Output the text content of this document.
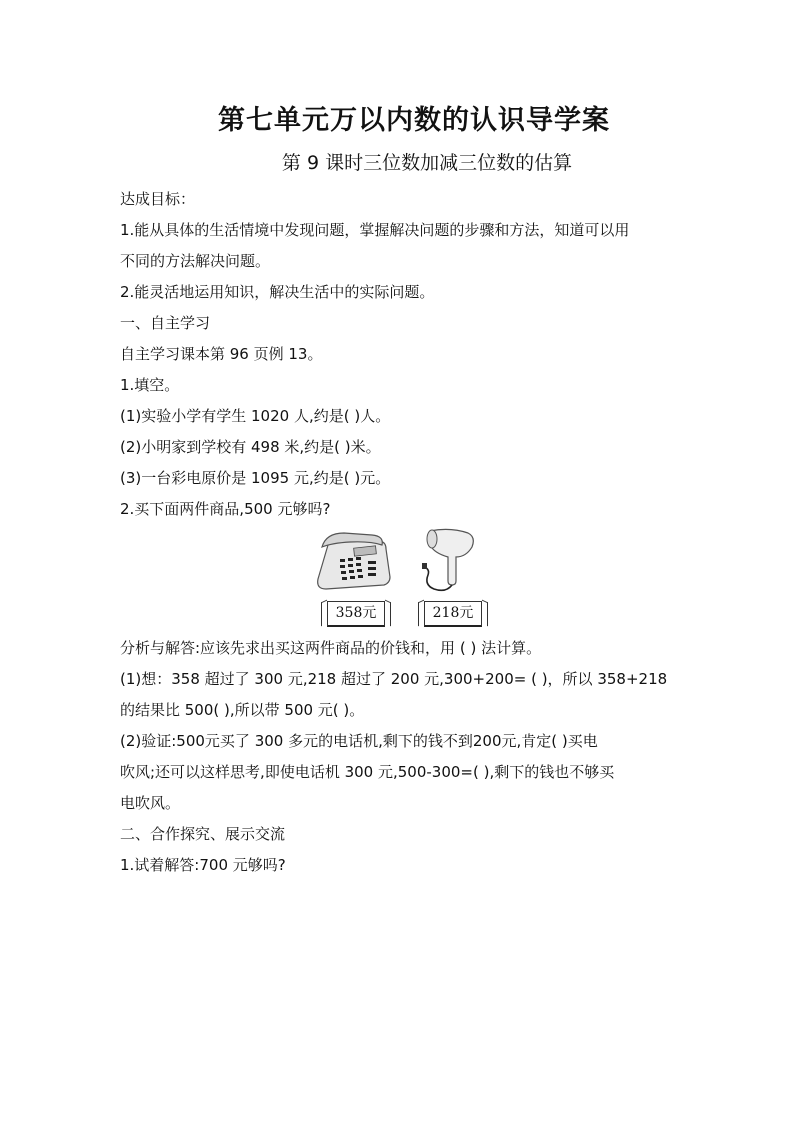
第七单元万以内数的认识导学案
第 9 课时三位数加减三位数的估算
达成目标：
1.能从具体的生活情境中发现问题，掌握解决问题的步骤和方法，知道可以用
不同的方法解决问题。
2.能灵活地运用知识，解决生活中的实际问题。
一、自主学习
自主学习课本第 96 页例 13。
1.填空。
(1)实验小学有学生 1020 人,约是( )人。
(2)小明家到学校有 498 米,约是( )米。
(3)一台彩电原价是 1095 元,约是( )元。
2.买下面两件商品,500 元够吗?
358元	218元
分析与解答:应该先求出买这两件商品的价钱和，用 ( ) 法计算。
(1)想：358 超过了 300 元,218 超过了 200 元,300+200= ( )，所以 358+218
的结果比 500( ),所以带 500 元( )。
(2)验证:500元买了 300 多元的电话机,剩下的钱不到200元,肯定( )买电
吹风;还可以这样思考,即使电话机 300 元,500-300=( ),剩下的钱也不够买
电吹风。
二、合作探究、展示交流
1.试着解答:700 元够吗?
